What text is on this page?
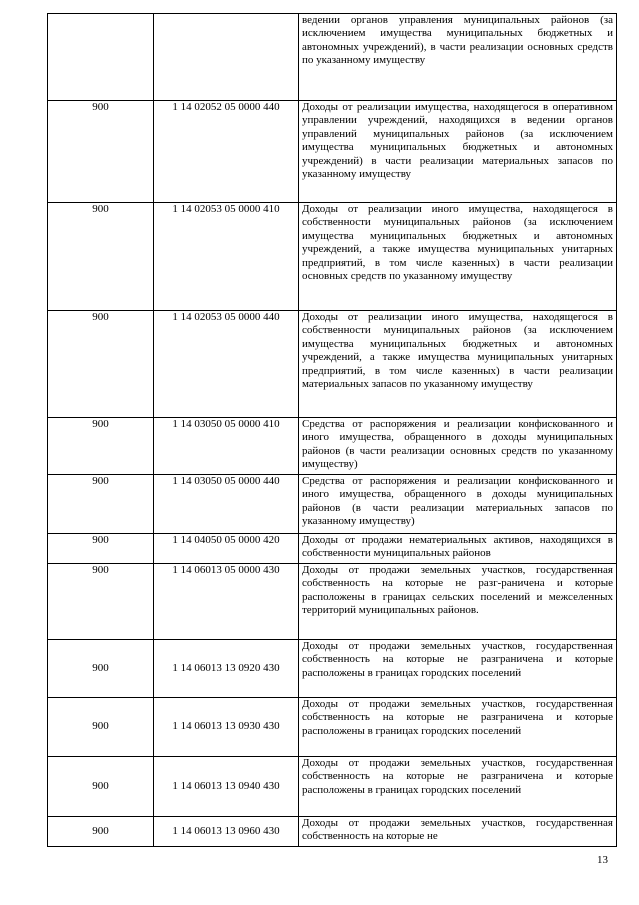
		ведении органов управления муниципальных районов (за исключением имущества муниципальных бюджетных и автономных учреждений), в части реализации основных средств по указанному имуществу
900	1 14 02052 05 0000 440	Доходы от реализации имущества, находящегося в оперативном управлении учреждений, находящихся в ведении органов управлений муниципальных районов (за исключением имущества муниципальных бюджетных и автономных учреждений) в части реализации материальных запасов по указанному имуществу
900	1 14 02053 05 0000 410	Доходы от реализации иного имущества, находящегося в собственности муниципальных районов (за исключением имущества муниципальных бюджетных и автономных учреждений, а также имущества муниципальных унитарных предприятий, в том числе казенных) в части реализации основных средств по указанному имуществу
900	1 14 02053 05 0000 440	Доходы от реализации иного имущества, находящегося в собственности муниципальных районов (за исключением имущества муниципальных бюджетных и автономных учреждений, а также имущества муниципальных унитарных предприятий, в том числе казенных) в части реализации материальных запасов по указанному имуществу
900	1 14 03050 05 0000 410	Средства от распоряжения и реализации конфискованного и иного имущества, обращенного в доходы муниципальных районов (в части реализации основных средств по указанному имуществу)
900	1 14 03050 05 0000 440	Средства от распоряжения и реализации конфискованного и иного имущества, обращенного в доходы муниципальных районов (в части реализации материальных запасов по указанному имуществу)
900	1 14 04050 05 0000 420	Доходы от продажи нематериальных активов, находящихся в собственности муниципальных районов
900	1 14 06013 05 0000 430	Доходы от продажи земельных участков, государственная собственность на которые не разг-раничена и которые расположены в границах сельских поселений и межселенных территорий муниципальных районов.
900	1 14 06013 13 0920 430	Доходы от продажи земельных участков, государственная собственность на которые не разграничена и которые расположены в границах городских поселений
900	1 14 06013 13 0930 430	Доходы от продажи земельных участков, государственная собственность на которые не разграничена и которые расположены в границах городских поселений
900	1 14 06013 13 0940 430	Доходы от продажи земельных участков, государственная собственность на которые не разграничена и которые расположены в границах городских поселений
900	1 14 06013 13 0960 430	Доходы от продажи земельных участков, государственная собственность на которые не
13
